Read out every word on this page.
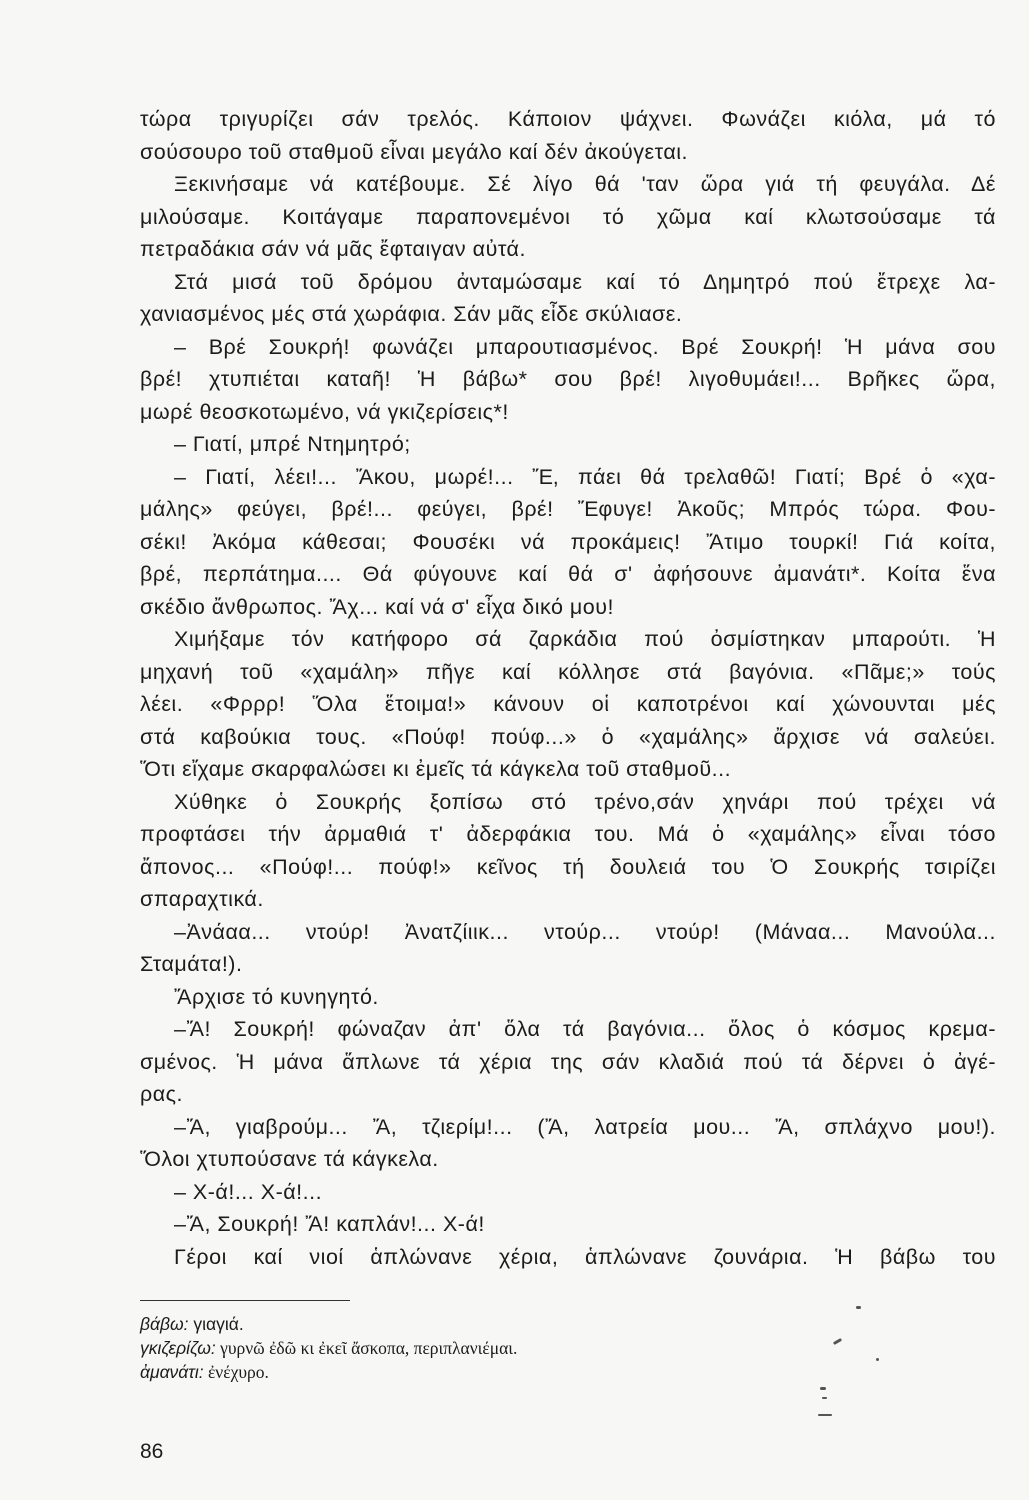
τώρα τριγυρίζει σάν τρελός. Κάποιον ψάχνει. Φωνάζει κιόλα, μά τό
σούσουρο τοῦ σταθμοῦ εἶναι μεγάλο καί δέν ἀκούγεται.
Ξεκινήσαμε νά κατέβουμε. Σέ λίγο θά 'ταν ὥρα γιά τή φευγάλα. Δέ
μιλούσαμε. Κοιτάγαμε παραπονεμένοι τό χῶμα καί κλωτσούσαμε τά
πετραδάκια σάν νά μᾶς ἔφταιγαν αὐτά.
Στά μισά τοῦ δρόμου ἀνταμώσαμε καί τό Δημητρό πού ἔτρεχε λα-
χανιασμένος μές στά χωράφια. Σάν μᾶς εἶδε σκύλιασε.
– Βρέ Σουκρή! φωνάζει μπαρουτιασμένος. Βρέ Σουκρή! Ἡ μάνα σου
βρέ! χτυπιέται καταῆ! Ἡ βάβω* σου βρέ! λιγοθυμάει!... Βρῆκες ὥρα,
μωρέ θεοσκοτωμένο, νά γκιζερίσεις*!
– Γιατί, μπρέ Ντημητρό;
– Γιατί, λέει!... Ἄκου, μωρέ!... Ἔ, πάει θά τρελαθῶ! Γιατί; Βρέ ὁ «χα-
μάλης» φεύγει, βρέ!... φεύγει, βρέ! Ἔφυγε! Ἀκοῦς; Μπρός τώρα. Φου-
σέκι! Ἀκόμα κάθεσαι; Φουσέκι νά προκάμεις! Ἄτιμο τουρκί! Γιά κοίτα,
βρέ, περπάτημα.... Θά φύγουνε καί θά σ' ἀφήσουνε ἀμανάτι*. Κοίτα ἕνα
σκέδιο ἄνθρωπος. Ἄχ... καί νά σ' εἶχα δικό μου!
Χιμήξαμε τόν κατήφορο σά ζαρκάδια πού ὀσμίστηκαν μπαρούτι. Ἡ
μηχανή τοῦ «χαμάλη» πῆγε καί κόλλησε στά βαγόνια. «Πᾶμε;» τούς
λέει. «Φρρρ! Ὅλα ἕτοιμα!» κάνουν οἱ καποτρένοι καί χώνουνται μές
στά καβούκια τους. «Πούφ! πούφ...» ὁ «χαμάλης» ἄρχισε νά σαλεύει.
Ὅτι εἴχαμε σκαρφαλώσει κι ἐμεῖς τά κάγκελα τοῦ σταθμοῦ...
Χύθηκε ὁ Σουκρής ξοπίσω στό τρένο,σάν χηνάρι πού τρέχει νά
προφτάσει τήν ἀρμαθιά τ' ἀδερφάκια του. Μά ὁ «χαμάλης» εἶναι τόσο
ἄπονος... «Πούφ!... πούφ!» κεῖνος τή δουλειά του Ὁ Σουκρής τσιρίζει
σπαραχτικά.
–Ἀνάαα... ντούρ! Ἀνατζίιικ... ντούρ... ντούρ! (Μάναα... Μανούλα...
Σταμάτα!).
Ἄρχισε τό κυνηγητό.
–Ἄ! Σουκρή! φώναζαν ἀπ' ὅλα τά βαγόνια... ὅλος ὁ κόσμος κρεμα-
σμένος. Ἡ μάνα ἅπλωνε τά χέρια της σάν κλαδιά πού τά δέρνει ὁ ἀγέ-
ρας.
–Ἄ, γιαβρούμ... Ἄ, τζιερίμ!... (Ἄ, λατρεία μου... Ἄ, σπλάχνο μου!).
Ὅλοι χτυπούσανε τά κάγκελα.
– Χ-ά!... Χ-ά!...
–Ἄ, Σουκρή! Ἄ! καπλάν!... Χ-ά!
Γέροι καί νιοί ἁπλώνανε χέρια, ἁπλώνανε ζουνάρια. Ἡ βάβω του
βάβω: γιαγιά.
γκιζερίζω: γυρνῶ ἐδῶ κι ἐκεῖ ἄσκοπα, περιπλανιέμαι.
ἀμανάτι: ἐνέχυρο.
86
